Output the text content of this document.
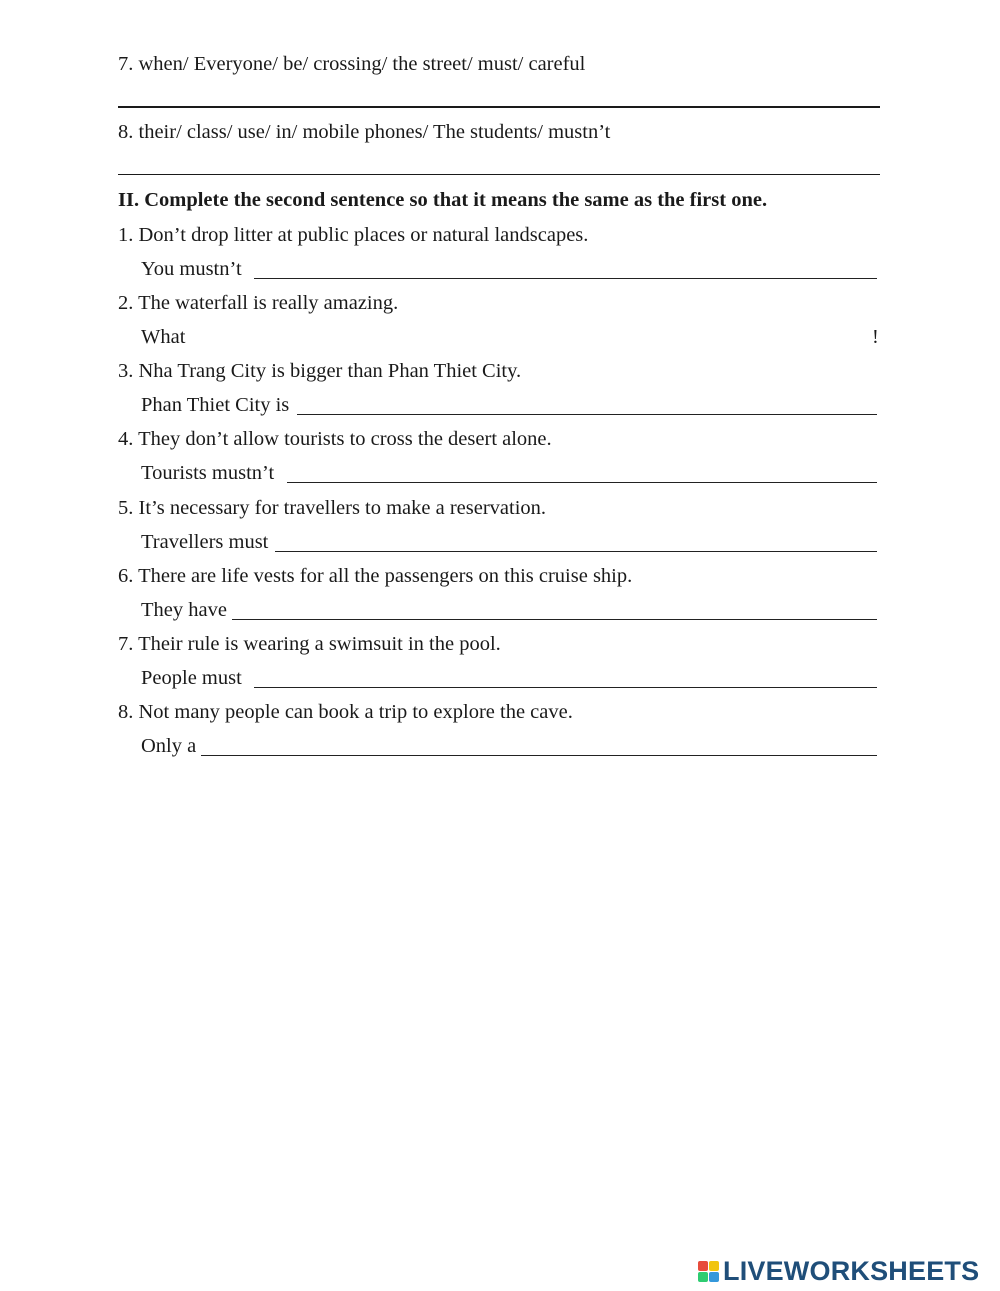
7. when/ Everyone/ be/ crossing/ the street/ must/ careful
8. their/ class/ use/ in/ mobile phones/ The students/ mustn’t
II. Complete the second sentence so that it means the same as the first one.
1. Don’t drop litter at public places or natural landscapes.
You mustn’t
2. The waterfall is really amazing.
What	!
3. Nha Trang City is bigger than Phan Thiet City.
Phan Thiet City is
4. They don’t allow tourists to cross the desert alone.
Tourists mustn’t
5. It’s necessary for travellers to make a reservation.
Travellers must
6. There are life vests for all the passengers on this cruise ship.
They have
7. Their rule is wearing a swimsuit in the pool.
People must
8. Not many people can book a trip to explore the cave.
Only a
LIVEWORKSHEETS
